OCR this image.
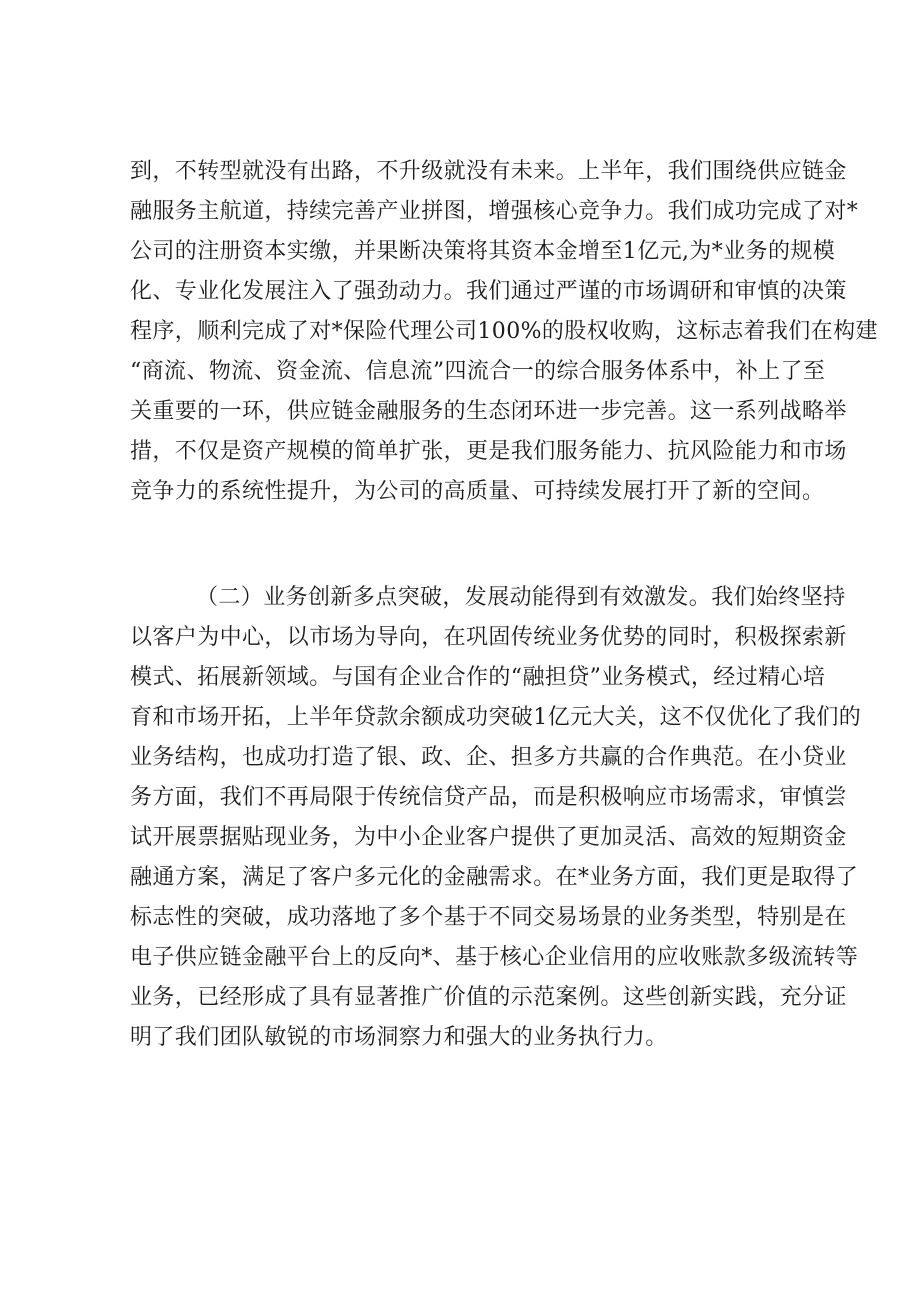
到，不转型就没有出路，不升级就没有未来。上半年，我们围绕供应链金
融服务主航道，持续完善产业拼图，增强核心竞争力。我们成功完成了对*
公司的注册资本实缴，并果断决策将其资本金增至1亿元,为*业务的规模
化、专业化发展注入了强劲动力。我们通过严谨的市场调研和审慎的决策
程序，顺利完成了对*保险代理公司100%的股权收购，这标志着我们在构建
“商流、物流、资金流、信息流”四流合一的综合服务体系中，补上了至
关重要的一环，供应链金融服务的生态闭环进一步完善。这一系列战略举
措，不仅是资产规模的简单扩张，更是我们服务能力、抗风险能力和市场
竞争力的系统性提升，为公司的高质量、可持续发展打开了新的空间。
（二）业务创新多点突破，发展动能得到有效激发。我们始终坚持
以客户为中心，以市场为导向，在巩固传统业务优势的同时，积极探索新
模式、拓展新领域。与国有企业合作的“融担贷”业务模式，经过精心培
育和市场开拓，上半年贷款余额成功突破1亿元大关，这不仅优化了我们的
业务结构，也成功打造了银、政、企、担多方共赢的合作典范。在小贷业
务方面，我们不再局限于传统信贷产品，而是积极响应市场需求，审慎尝
试开展票据贴现业务，为中小企业客户提供了更加灵活、高效的短期资金
融通方案，满足了客户多元化的金融需求。在*业务方面，我们更是取得了
标志性的突破，成功落地了多个基于不同交易场景的业务类型，特别是在
电子供应链金融平台上的反向*、基于核心企业信用的应收账款多级流转等
业务，已经形成了具有显著推广价值的示范案例。这些创新实践，充分证
明了我们团队敏锐的市场洞察力和强大的业务执行力。
